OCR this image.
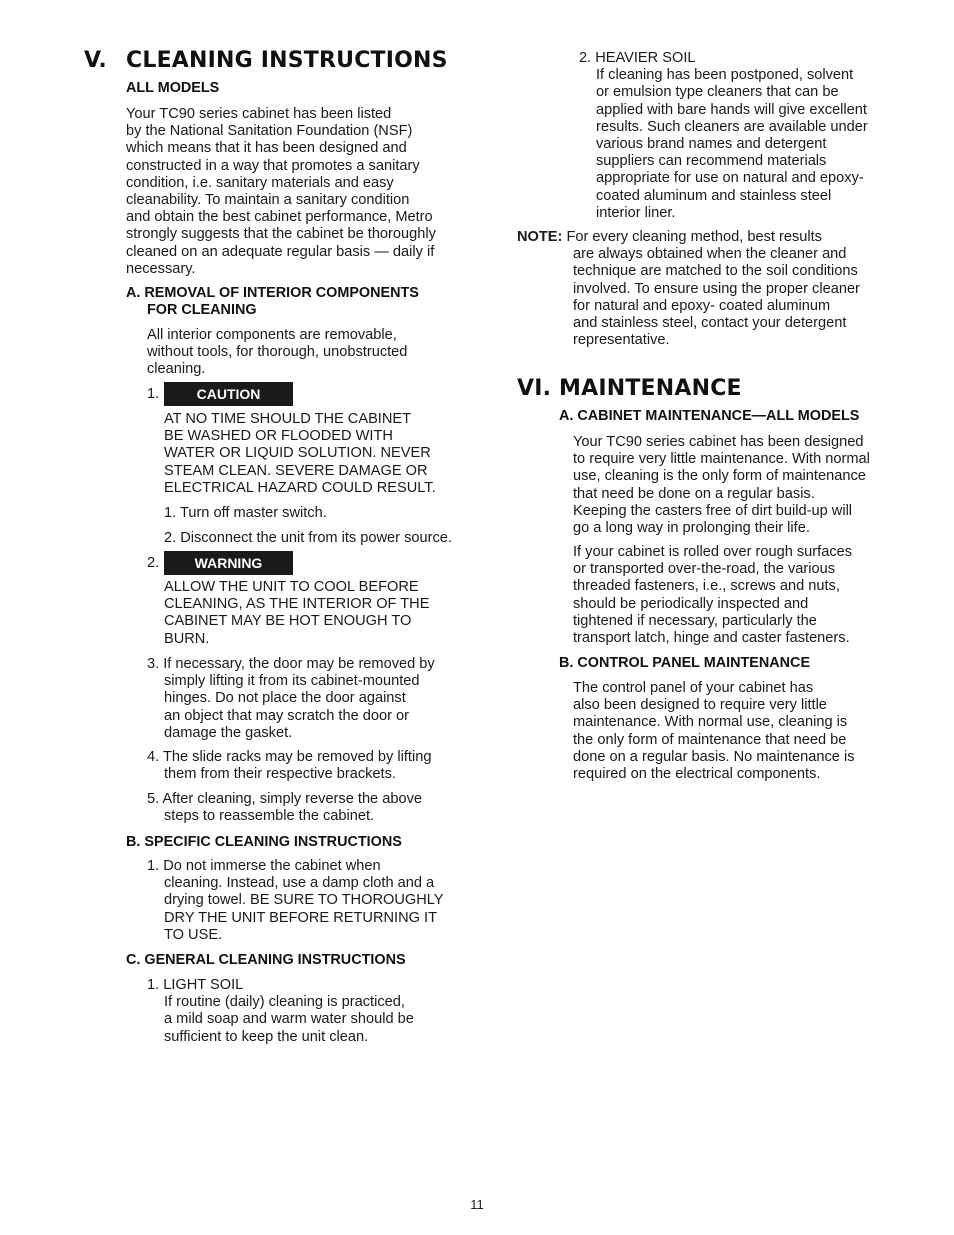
V. CLEANING INSTRUCTIONS
ALL MODELS
Your TC90 series cabinet has been listed
by the National Sanitation Foundation (NSF)
which means that it has been designed and
constructed in a way that promotes a sanitary
condition, i.e. sanitary materials and easy
cleanability. To maintain a sanitary condition
and obtain the best cabinet performance, Metro
strongly suggests that the cabinet be thoroughly
cleaned on an adequate regular basis — daily if
necessary.
A. REMOVAL OF INTERIOR COMPONENTS
FOR CLEANING
All interior components are removable,
without tools, for thorough, unobstructed
cleaning.
1.	CAUTION
AT NO TIME SHOULD THE CABINET
BE WASHED OR FLOODED WITH
WATER OR LIQUID SOLUTION. NEVER
STEAM CLEAN. SEVERE DAMAGE OR
ELECTRICAL HAZARD COULD RESULT.
1. Turn off master switch.
2. Disconnect the unit from its power source.
2.	WARNING
ALLOW THE UNIT TO COOL BEFORE
CLEANING, AS THE INTERIOR OF THE
CABINET MAY BE HOT ENOUGH TO
BURN.
3. If necessary, the door may be removed by
simply lifting it from its cabinet-mounted
hinges. Do not place the door against
an object that may scratch the door or
damage the gasket.
4. The slide racks may be removed by lifting
them from their respective brackets.
5. After cleaning, simply reverse the above
steps to reassemble the cabinet.
B. SPECIFIC CLEANING INSTRUCTIONS
1. Do not immerse the cabinet when
cleaning. Instead, use a damp cloth and a
drying towel. BE SURE TO THOROUGHLY
DRY THE UNIT BEFORE RETURNING IT
TO USE.
C. GENERAL CLEANING INSTRUCTIONS
1. LIGHT SOIL
If routine (daily) cleaning is practiced,
a mild soap and warm water should be
sufficient to keep the unit clean.
2. HEAVIER SOIL
If cleaning has been postponed, solvent
or emulsion type cleaners that can be
applied with bare hands will give excellent
results. Such cleaners are available under
various brand names and detergent
suppliers can recommend materials
appropriate for use on natural and epoxy-
coated aluminum and stainless steel
interior liner.
NOTE: For every cleaning method, best results
are always obtained when the cleaner and
technique are matched to the soil conditions
involved. To ensure using the proper cleaner
for natural and epoxy- coated aluminum
and stainless steel, contact your detergent
representative.
VI. MAINTENANCE
A. CABINET MAINTENANCE—ALL MODELS
Your TC90 series cabinet has been designed
to require very little maintenance. With normal
use, cleaning is the only form of maintenance
that need be done on a regular basis.
Keeping the casters free of dirt build-up will
go a long way in prolonging their life.
If your cabinet is rolled over rough surfaces
or transported over-the-road, the various
threaded fasteners, i.e., screws and nuts,
should be periodically inspected and
tightened if necessary, particularly the
transport latch, hinge and caster fasteners.
B. CONTROL PANEL MAINTENANCE
The control panel of your cabinet has
also been designed to require very little
maintenance. With normal use, cleaning is
the only form of maintenance that need be
done on a regular basis. No maintenance is
required on the electrical components.
11
